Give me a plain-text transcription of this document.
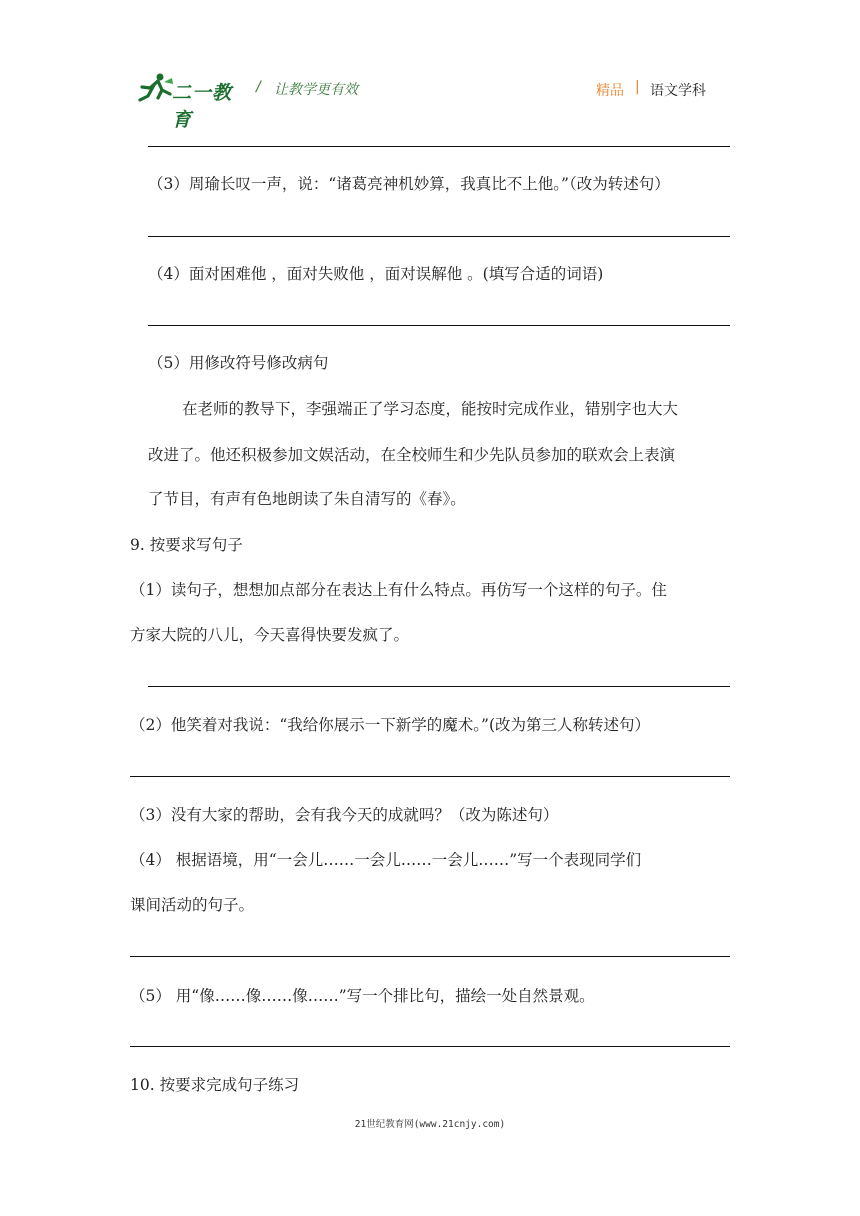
二一教育
/ 让教学更有效	精品 | 语文学科
（3）周瑜长叹一声，说：“诸葛亮神机妙算，我真比不上他。”（改为转述句）
（4）面对困难他 ，面对失败他 ，面对误解他 。(填写合适的词语)
（5）用修改符号修改病句
在老师的教导下，李强端正了学习态度，能按时完成作业，错别字也大大
改进了。他还积极参加文娱活动，在全校师生和少先队员参加的联欢会上表演
了节目，有声有色地朗读了朱自清写的《春》。
9. 按要求写句子
（1）读句子，想想加点部分在表达上有什么特点。再仿写一个这样的句子。住
方家大院的八儿，今天喜得快要发疯了。
（2）他笑着对我说：“我给你展示一下新学的魔术。”(改为第三人称转述句）
（3）没有大家的帮助，会有我今天的成就吗？（改为陈述句）
（4） 根据语境，用“一会儿……一会儿……一会儿……”写一个表现同学们
课间活动的句子。
（5） 用“像……像……像……”写一个排比句，描绘一处自然景观。
10. 按要求完成句子练习
21世纪教育网(www.21cnjy.com)
